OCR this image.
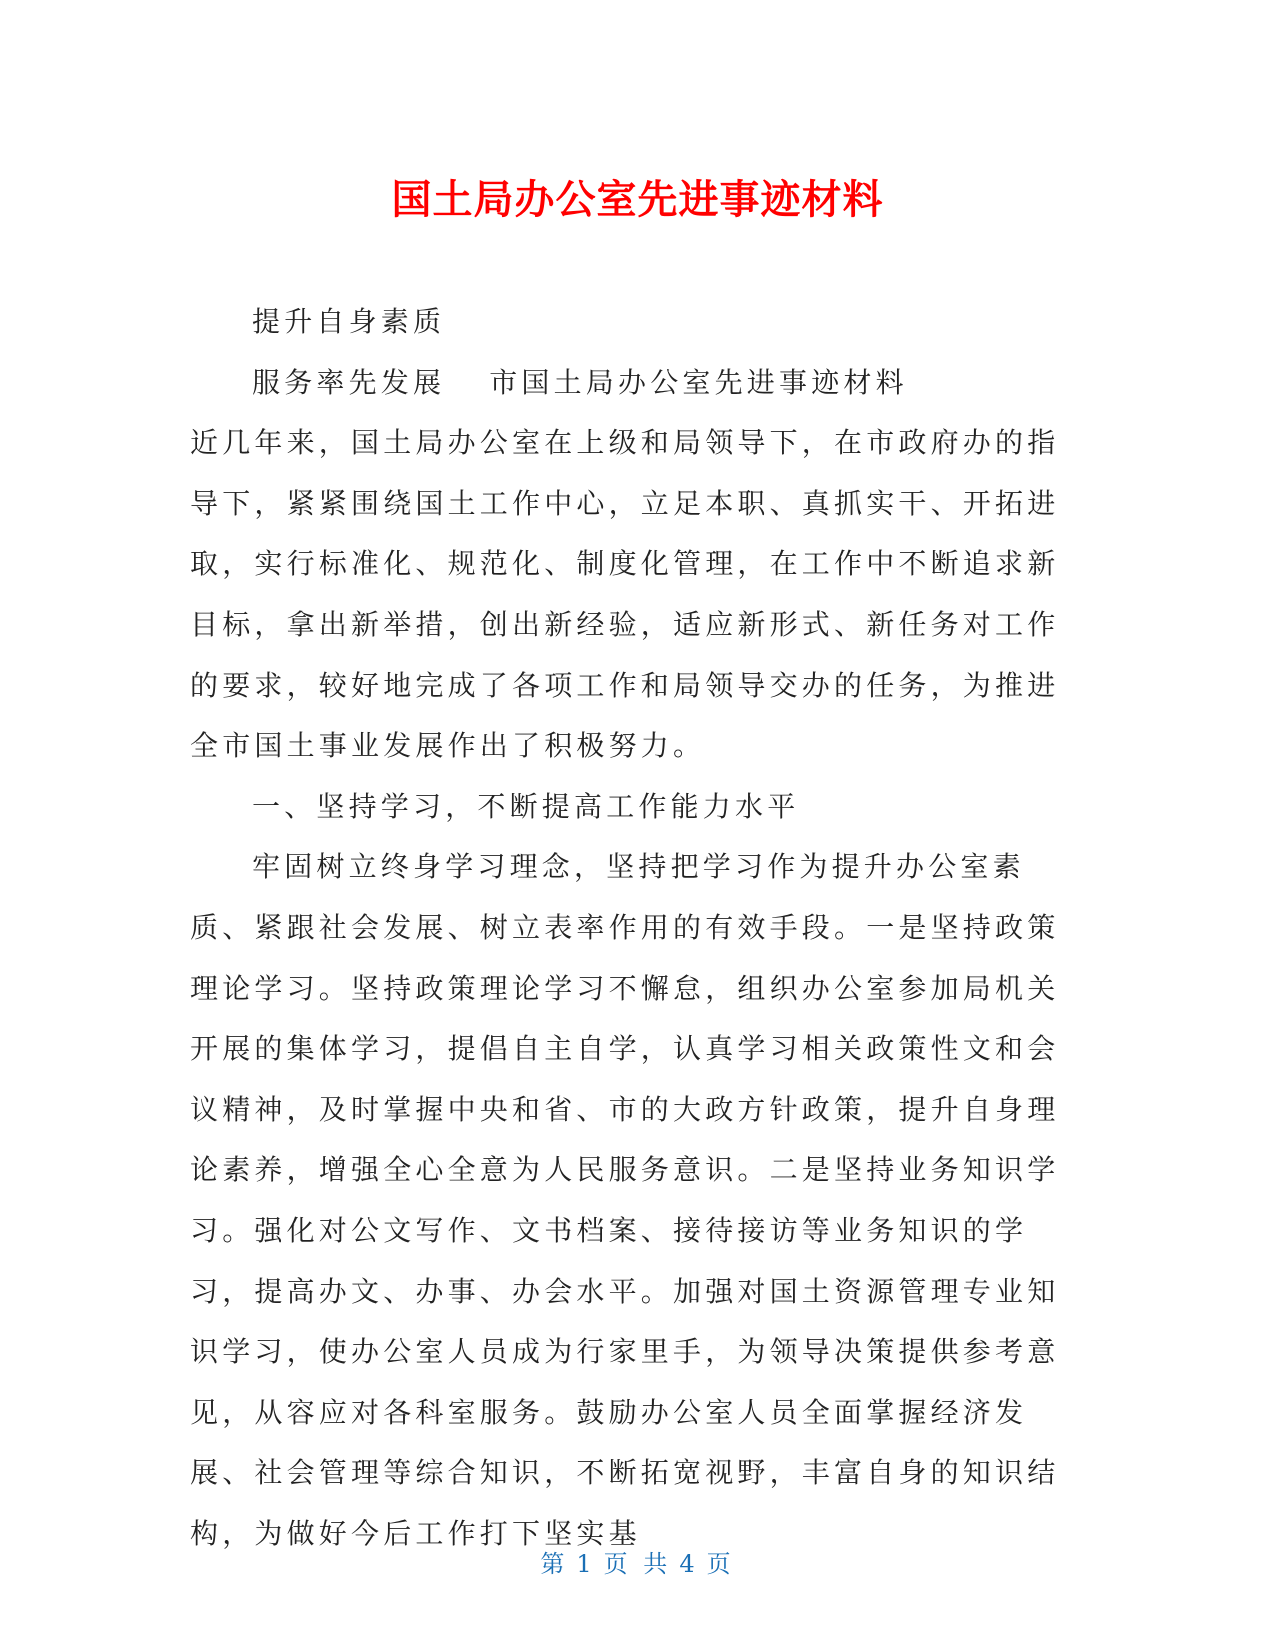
国土局办公室先进事迹材料

提升自身素质

服务率先发展 市国土局办公室先进事迹材料

近几年来，国土局办公室在上级和局领导下，在市政府办的指导下，紧紧围绕国土工作中心，立足本职、真抓实干、开拓进取，实行标准化、规范化、制度化管理，在工作中不断追求新目标，拿出新举措，创出新经验，适应新形式、新任务对工作的要求，较好地完成了各项工作和局领导交办的任务，为推进全市国土事业发展作出了积极努力。

一、坚持学习，不断提高工作能力水平

牢固树立终身学习理念，坚持把学习作为提升办公室素质、紧跟社会发展、树立表率作用的有效手段。一是坚持政策理论学习。坚持政策理论学习不懈怠，组织办公室参加局机关开展的集体学习，提倡自主自学，认真学习相关政策性文和会议精神，及时掌握中央和省、市的大政方针政策，提升自身理论素养，增强全心全意为人民服务意识。二是坚持业务知识学习。强化对公文写作、文书档案、接待接访等业务知识的学习，提高办文、办事、办会水平。加强对国土资源管理专业知识学习，使办公室人员成为行家里手，为领导决策提供参考意见，从容应对各科室服务。鼓励办公室人员全面掌握经济发展、社会管理等综合知识，不断拓宽视野，丰富自身的知识结构，为做好今后工作打下坚实基

第 1 页 共 4 页
